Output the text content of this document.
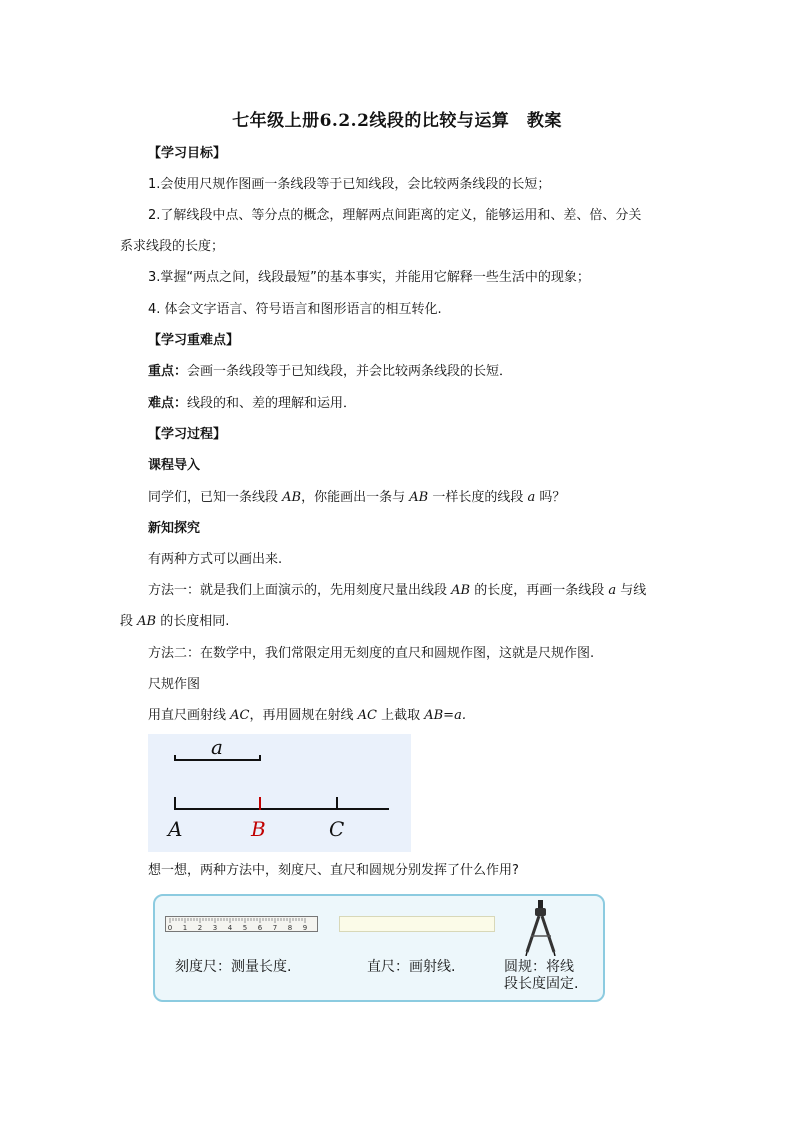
七年级上册6.2.2线段的比较与运算　教案
【学习目标】
1.会使用尺规作图画一条线段等于已知线段，会比较两条线段的长短；
2.了解线段中点、等分点的概念，理解两点间距离的定义，能够运用和、差、倍、分关
系求线段的长度；
3.掌握“两点之间，线段最短”的基本事实，并能用它解释一些生活中的现象；
4. 体会文字语言、符号语言和图形语言的相互转化.
【学习重难点】
重点：会画一条线段等于已知线段，并会比较两条线段的长短．
难点：线段的和、差的理解和运用．
【学习过程】
课程导入
同学们，已知一条线段 AB，你能画出一条与 AB 一样长度的线段 a 吗？
新知探究
有两种方式可以画出来.
方法一：就是我们上面演示的，先用刻度尺量出线段 AB 的长度，再画一条线段 a 与线
段 AB 的长度相同.
方法二：在数学中，我们常限定用无刻度的直尺和圆规作图，这就是尺规作图.
尺规作图
用直尺画射线 AC，再用圆规在射线 AC 上截取 AB=a.
a
A	B	C
想一想，两种方法中，刻度尺、直尺和圆规分别发挥了什么作用?
0 1 2 3 4 5 6 7 8 9
刻度尺：测量长度.	直尺：画射线.	圆规：将线
段长度固定.
